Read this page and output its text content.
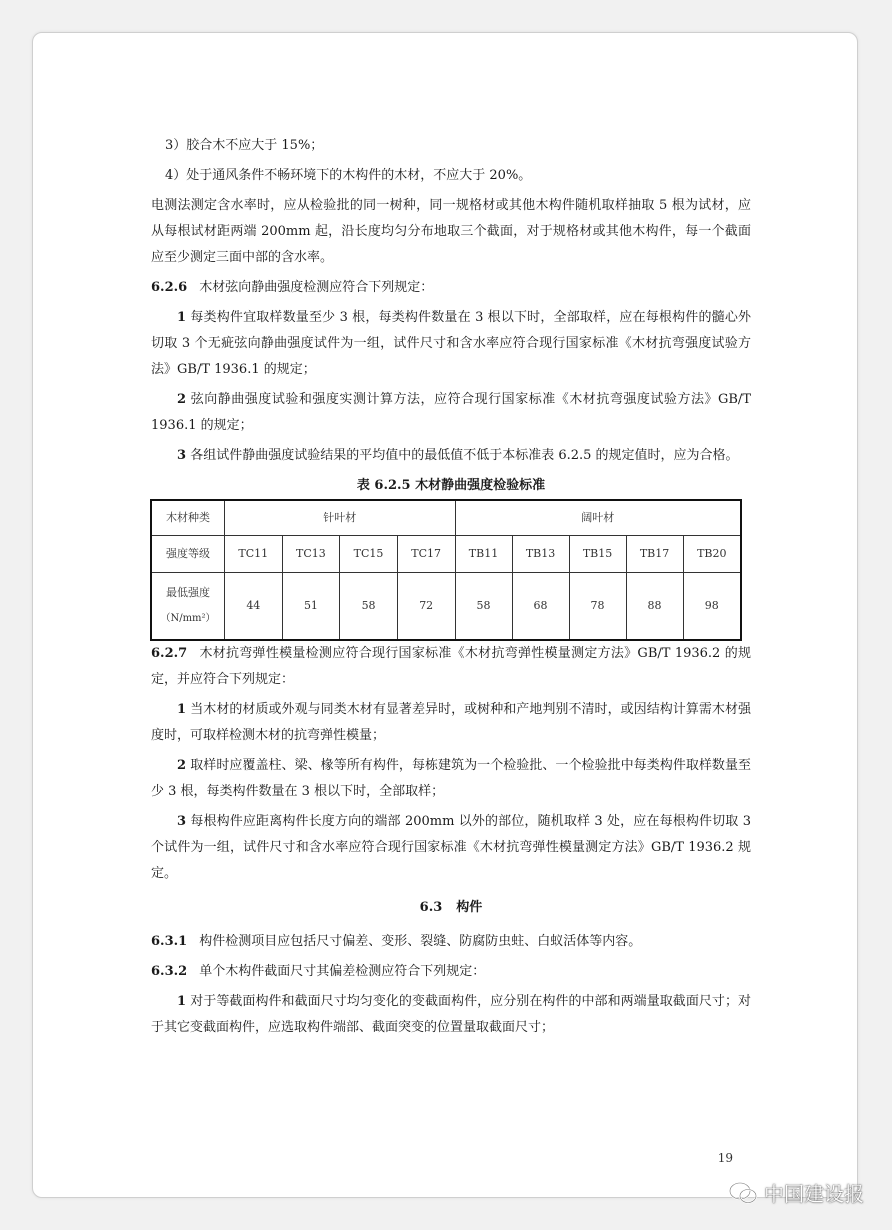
3）胶合木不应大于 15%；

4）处于通风条件不畅环境下的木构件的木材，不应大于 20%。

电测法测定含水率时，应从检验批的同一树种，同一规格材或其他木构件随机取样抽取 5 根为试材，应从每根试材距两端 200mm 起，沿长度均匀分布地取三个截面，对于规格材或其他木构件，每一个截面应至少测定三面中部的含水率。

6.2.6 木材弦向静曲强度检测应符合下列规定：

1 每类构件宜取样数量至少 3 根，每类构件数量在 3 根以下时，全部取样，应在每根构件的髓心外切取 3 个无疵弦向静曲强度试件为一组，试件尺寸和含水率应符合现行国家标准《木材抗弯强度试验方法》GB/T 1936.1 的规定；

2 弦向静曲强度试验和强度实测计算方法，应符合现行国家标准《木材抗弯强度试验方法》GB/T 1936.1 的规定；

3 各组试件静曲强度试验结果的平均值中的最低值不低于本标准表 6.2.5 的规定值时，应为合格。

表 6.2.5 木材静曲强度检验标准
木材种类	针叶材				阔叶材				
强度等级	TC11	TC13	TC15	TC17	TB11	TB13	TB15	TB17	TB20
最低强度
（N/mm²）	44	51	58	72	58	68	78	88	98

6.2.7 木材抗弯弹性模量检测应符合现行国家标准《木材抗弯弹性模量测定方法》GB/T 1936.2 的规定，并应符合下列规定：

1 当木材的材质或外观与同类木材有显著差异时，或树种和产地判别不清时，或因结构计算需木材强度时，可取样检测木材的抗弯弹性模量；

2 取样时应覆盖柱、梁、椽等所有构件，每栋建筑为一个检验批、一个检验批中每类构件取样数量至少 3 根，每类构件数量在 3 根以下时，全部取样；

3 每根构件应距离构件长度方向的端部 200mm 以外的部位，随机取样 3 处，应在每根构件切取 3 个试件为一组，试件尺寸和含水率应符合现行国家标准《木材抗弯弹性模量测定方法》GB/T 1936.2 规定。

6.3 构件

6.3.1 构件检测项目应包括尺寸偏差、变形、裂缝、防腐防虫蛀、白蚁活体等内容。

6.3.2 单个木构件截面尺寸其偏差检测应符合下列规定：

1 对于等截面构件和截面尺寸均匀变化的变截面构件，应分别在构件的中部和两端量取截面尺寸；对于其它变截面构件，应选取构件端部、截面突变的位置量取截面尺寸；

19
中国建设报
